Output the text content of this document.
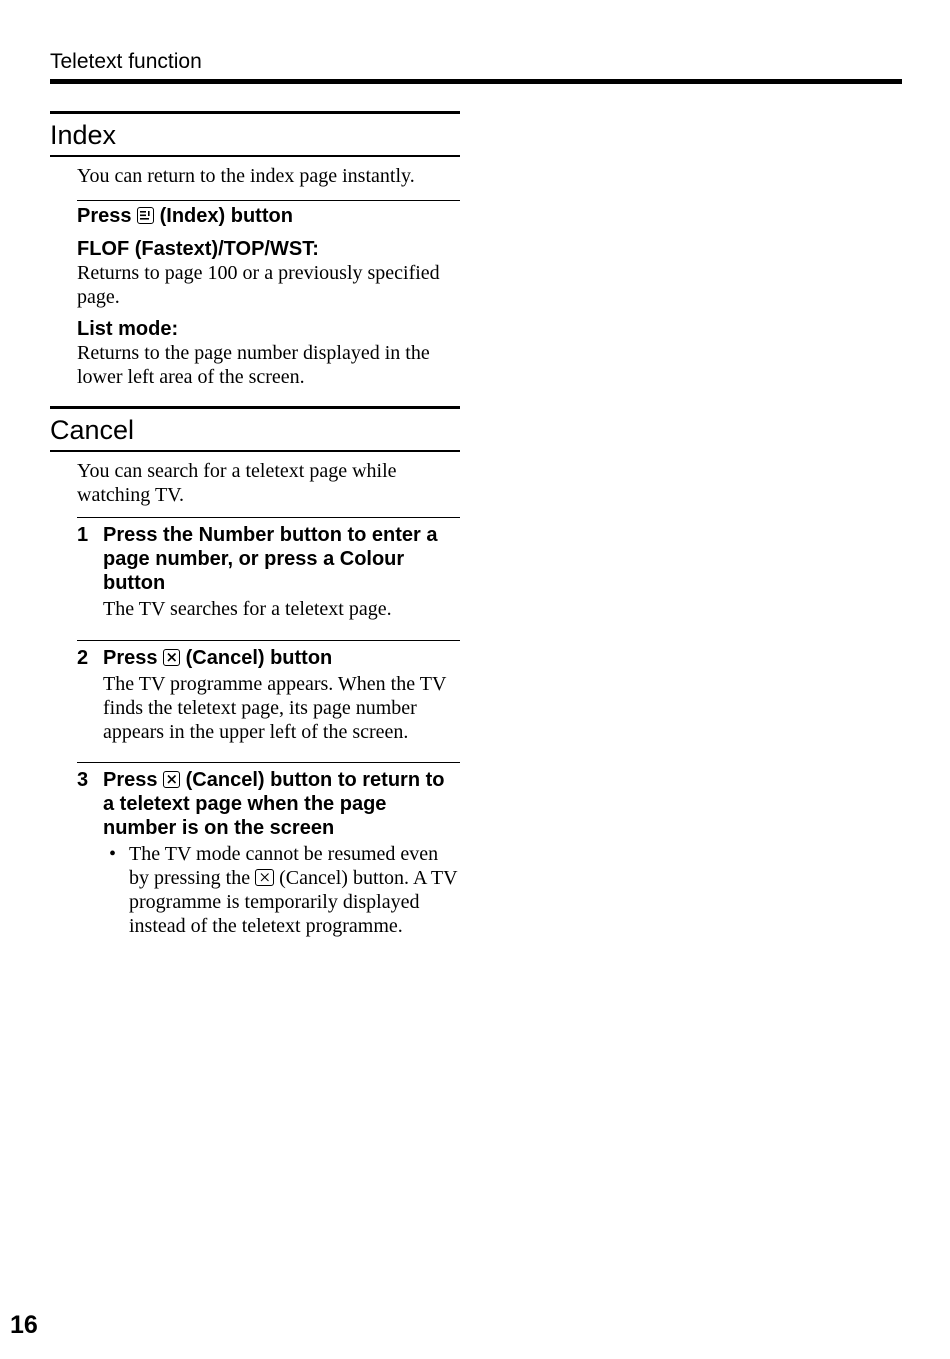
Teletext function
Index
You can return to the index page instantly.
Press (Index) button
FLOF (Fastext)/TOP/WST:
Returns to page 100 or a previously specified page.
List mode:
Returns to the page number displayed in the lower left area of the screen.
Cancel
You can search for a teletext page while watching TV.
1 Press the Number button to enter a page number, or press a Colour button
The TV searches for a teletext page.
2 Press (Cancel) button
The TV programme appears. When the TV finds the teletext page, its page number appears in the upper left of the screen.
3 Press (Cancel) button to return to a teletext page when the page number is on the screen
• The TV mode cannot be resumed even by pressing the (Cancel) button. A TV programme is temporarily displayed instead of the teletext programme.
16
